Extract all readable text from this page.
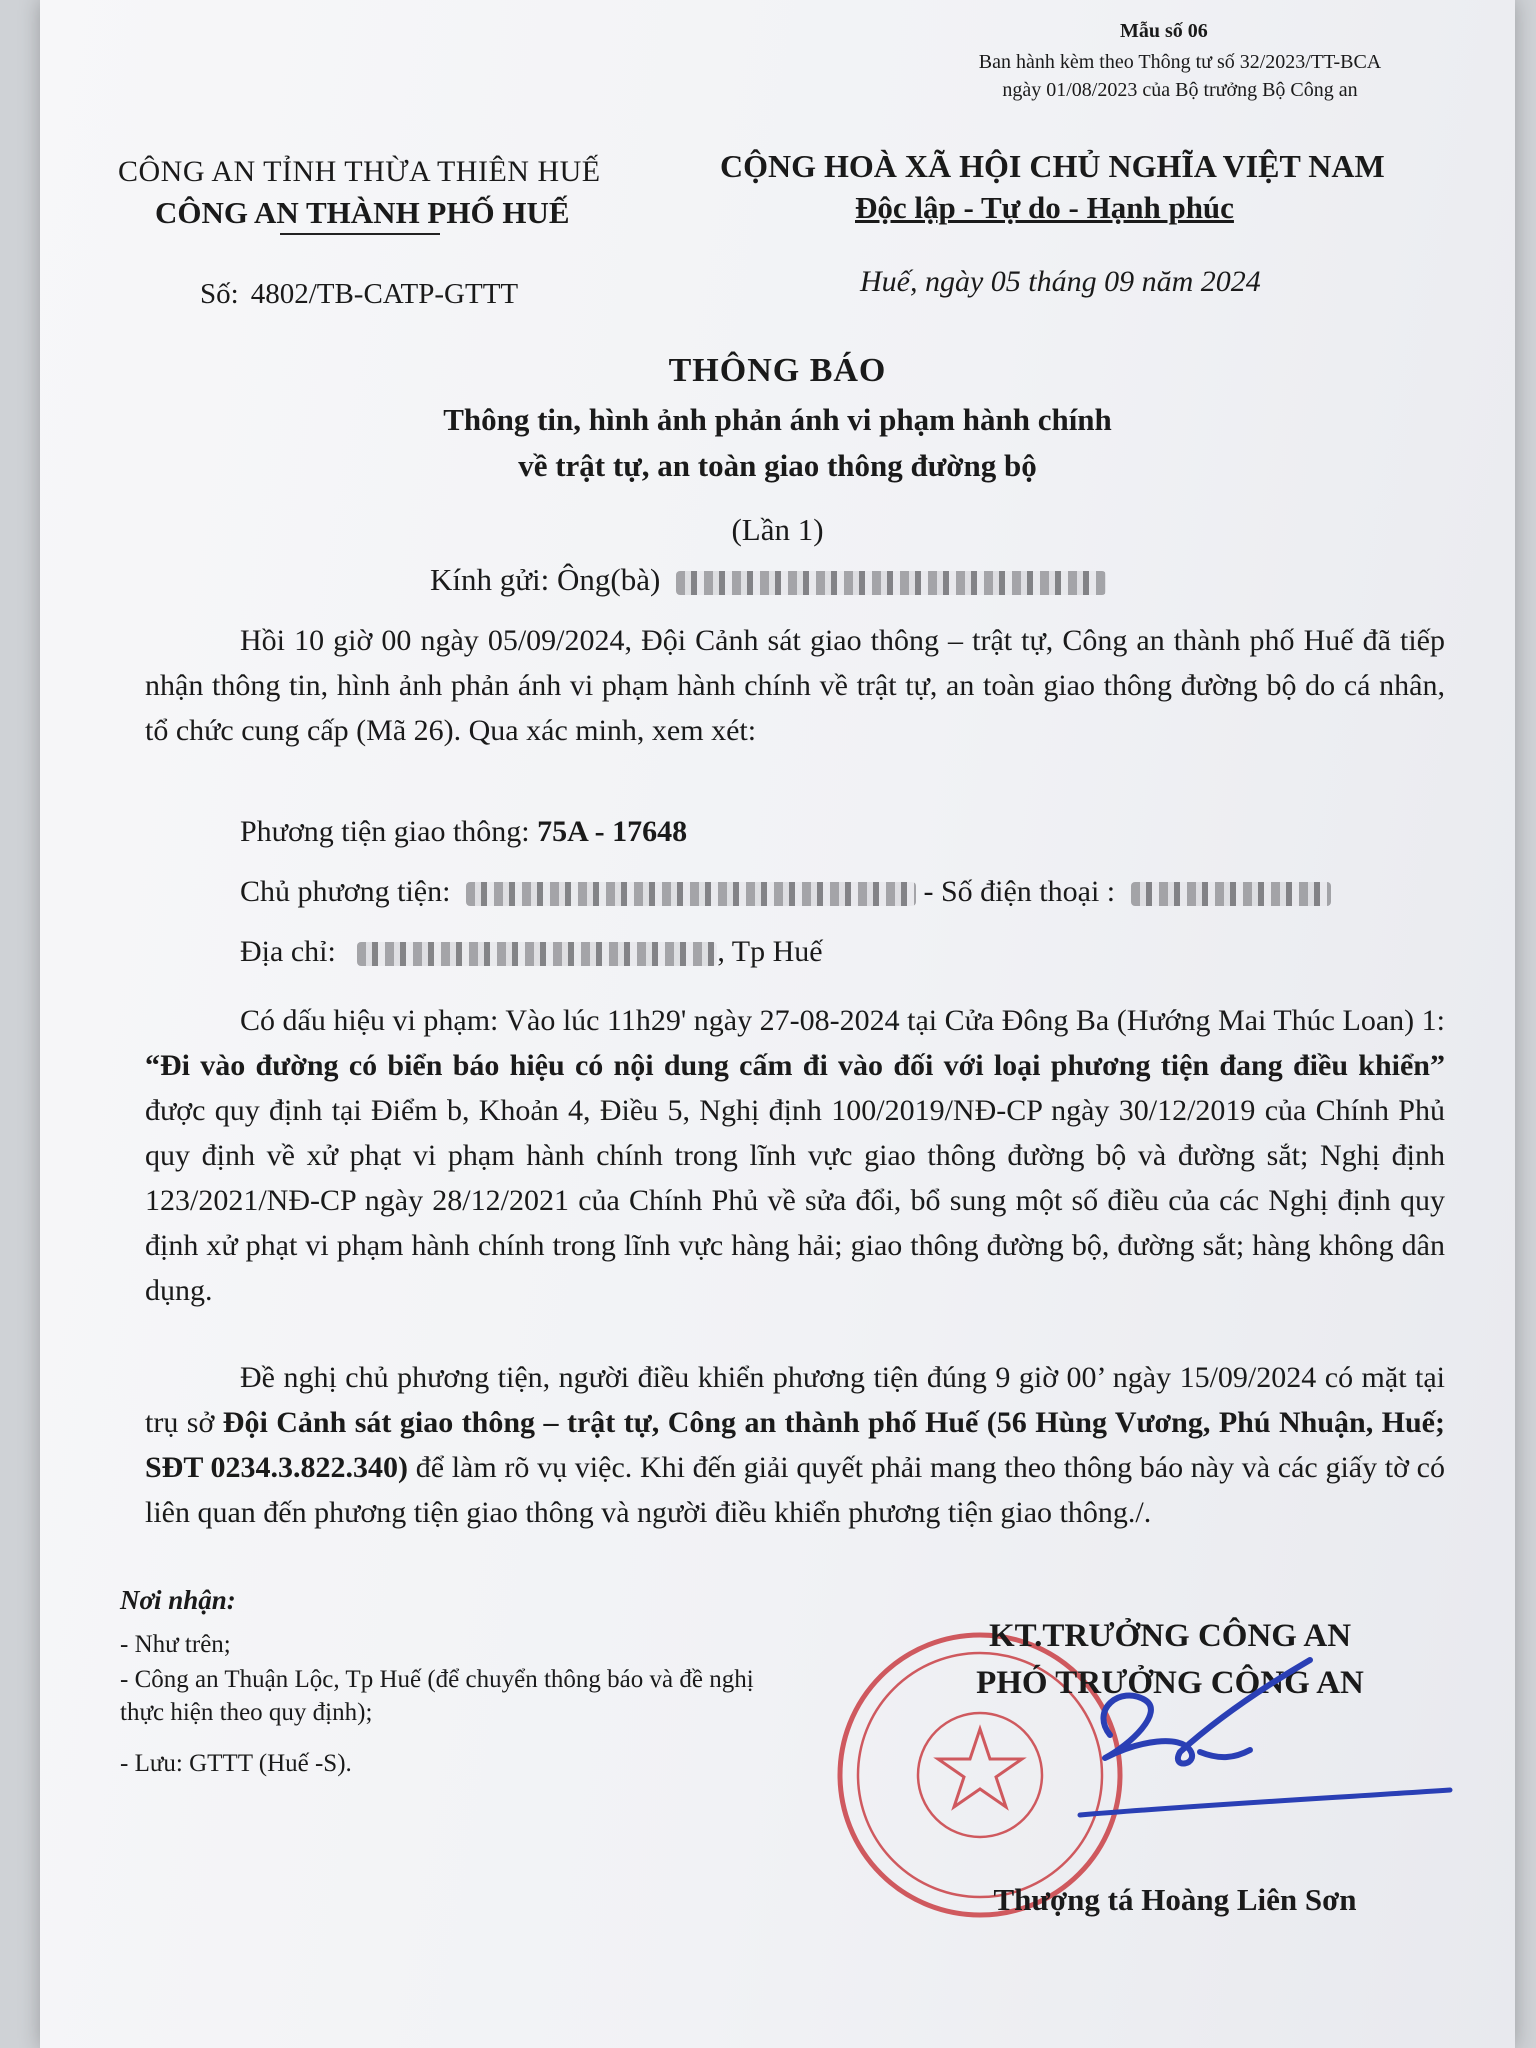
Mẫu số 06
Ban hành kèm theo Thông tư số 32/2023/TT-BCA
ngày 01/08/2023 của Bộ trưởng Bộ Công an
CÔNG AN TỈNH THỪA THIÊN HUẾ
CÔNG AN THÀNH PHỐ HUẾ
CỘNG HOÀ XÃ HỘI CHỦ NGHĨA VIỆT NAM
Độc lập - Tự do - Hạnh phúc
Số: 4802/TB-CATP-GTTT	Huế, ngày 05 tháng 09 năm 2024
THÔNG BÁO
Thông tin, hình ảnh phản ánh vi phạm hành chính
về trật tự, an toàn giao thông đường bộ
(Lần 1)
Kính gửi: Ông(bà)
Hồi 10 giờ 00 ngày 05/09/2024, Đội Cảnh sát giao thông – trật tự, Công an thành phố Huế đã tiếp nhận thông tin, hình ảnh phản ánh vi phạm hành chính về trật tự, an toàn giao thông đường bộ do cá nhân, tổ chức cung cấp (Mã 26). Qua xác minh, xem xét:
Phương tiện giao thông: 75A - 17648
Chủ phương tiện:	- Số điện thoại :
Địa chỉ:	, Tp Huế
Có dấu hiệu vi phạm: Vào lúc 11h29' ngày 27-08-2024 tại Cửa Đông Ba (Hướng Mai Thúc Loan) 1: “Đi vào đường có biển báo hiệu có nội dung cấm đi vào đối với loại phương tiện đang điều khiển” được quy định tại Điểm b, Khoản 4, Điều 5, Nghị định 100/2019/NĐ-CP ngày 30/12/2019 của Chính Phủ quy định về xử phạt vi phạm hành chính trong lĩnh vực giao thông đường bộ và đường sắt; Nghị định 123/2021/NĐ-CP ngày 28/12/2021 của Chính Phủ về sửa đổi, bổ sung một số điều của các Nghị định quy định xử phạt vi phạm hành chính trong lĩnh vực hàng hải; giao thông đường bộ, đường sắt; hàng không dân dụng.
Đề nghị chủ phương tiện, người điều khiển phương tiện đúng 9 giờ 00’ ngày 15/09/2024 có mặt tại trụ sở Đội Cảnh sát giao thông – trật tự, Công an thành phố Huế (56 Hùng Vương, Phú Nhuận, Huế; SĐT 0234.3.822.340) để làm rõ vụ việc. Khi đến giải quyết phải mang theo thông báo này và các giấy tờ có liên quan đến phương tiện giao thông và người điều khiển phương tiện giao thông./.
Nơi nhận:
- Như trên;
- Công an Thuận Lộc, Tp Huế (để chuyển thông báo và đề nghị thực hiện theo quy định);
- Lưu: GTTT (Huế -S).
KT.TRƯỞNG CÔNG AN
PHÓ TRƯỞNG CÔNG AN
Thượng tá Hoàng Liên Sơn
